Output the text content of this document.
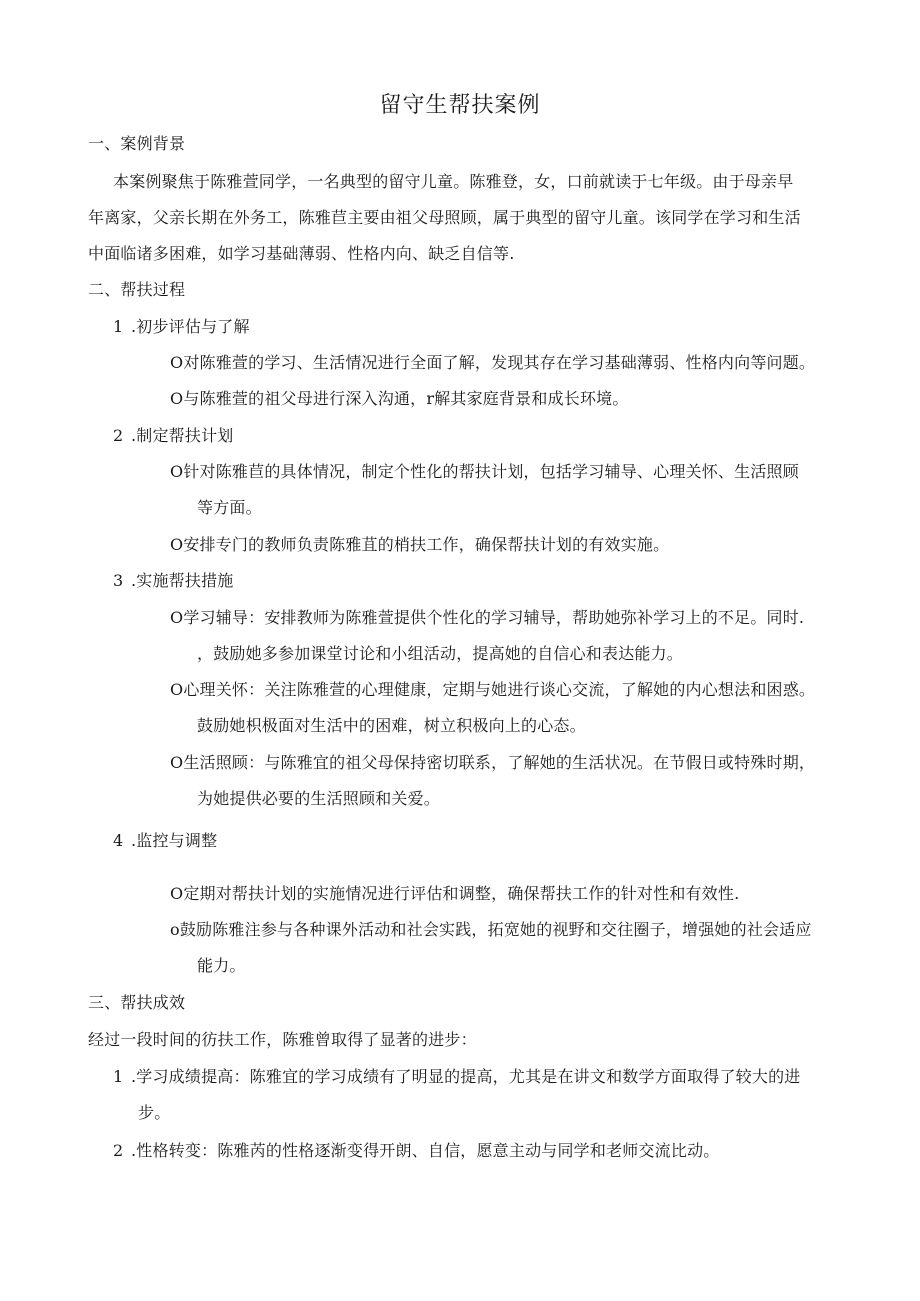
留守生帮扶案例
一、案例背景
本案例聚焦于陈雅萱同学，一名典型的留守儿童。陈雅登，女，口前就读于七年级。由于母亲早
年离家，父亲长期在外务工，陈雅苣主要由祖父母照顾，属于典型的留守儿童。该同学在学习和生活
中面临诸多困难，如学习基础薄弱、性格内向、缺乏自信等.
二、帮扶过程
1 .初步评估与了解
O对陈雅萱的学习、生活情况进行全面了解，发现其存在学习基础薄弱、性格内向等问题。
O与陈雅萱的祖父母进行深入沟通，r解其家庭背景和成长环境。
2 .制定帮扶计划
O针对陈雅苣的具体情况，制定个性化的帮扶计划，包括学习辅导、心理关怀、生活照顾
等方面。
O安排专门的教师负责陈雅苴的梢扶工作，确保帮扶计划的有效实施。
3 .实施帮扶措施
O学习辅导：安排教师为陈雅萱提供个性化的学习辅导，帮助她弥补学习上的不足。同时.
，鼓励她多参加课堂讨论和小组活动，提高她的自信心和表达能力。
O心理关怀：关注陈雅萱的心理健康，定期与她进行谈心交流，了解她的内心想法和困惑。
鼓励她枳极面对生活中的困难，树立积极向上的心态。
O生活照顾：与陈雅宜的祖父母保持密切联系，了解她的生活状况。在节假日或特殊时期，
为她提供必要的生活照顾和关爱。
4 .监控与调整
O定期对帮扶计划的实施情况进行评估和调整，确保帮扶工作的针对性和有效性.
o鼓励陈雅注参与各种课外活动和社会实践，拓宽她的视野和交往圈子，增强她的社会适应
能力。
三、帮扶成效
经过一段时间的彷扶工作，陈雅曾取得了显著的进步：
1 .学习成绩提高：陈雅宜的学习成绩有了明显的提高，尤其是在讲文和数学方面取得了较大的进
步。
2 .性格转变：陈雅芮的性格逐渐变得开朗、自信，愿意主动与同学和老师交流比动。
